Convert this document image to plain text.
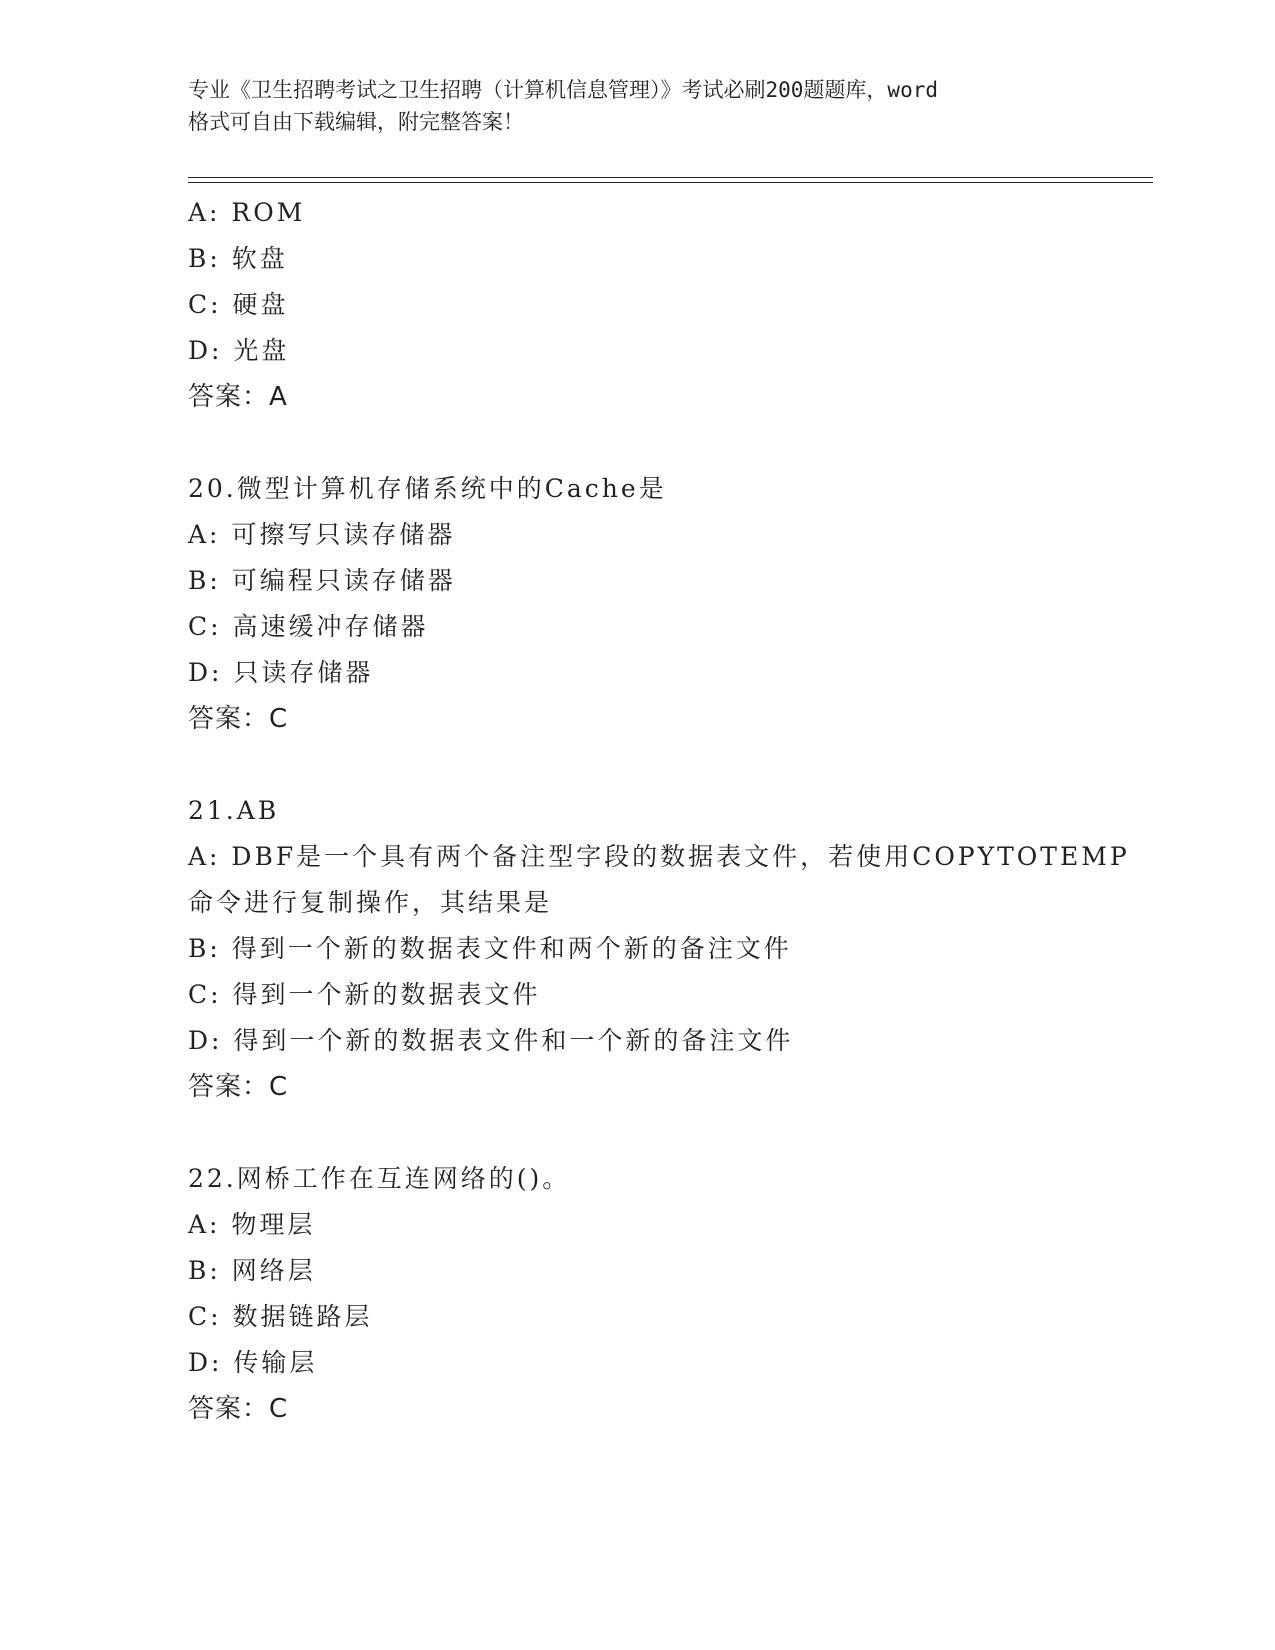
专业《卫生招聘考试之卫生招聘（计算机信息管理）》考试必刷200题题库，word
格式可自由下载编辑，附完整答案！
A: ROM
B: 软盘
C: 硬盘
D: 光盘
答案：A
20.微型计算机存储系统中的Cache是
A: 可擦写只读存储器
B: 可编程只读存储器
C: 高速缓冲存储器
D: 只读存储器
答案：C
21.AB
A: DBF是一个具有两个备注型字段的数据表文件，若使用COPYTOTEMP
命令进行复制操作，其结果是
B: 得到一个新的数据表文件和两个新的备注文件
C: 得到一个新的数据表文件
D: 得到一个新的数据表文件和一个新的备注文件
答案：C
22.网桥工作在互连网络的()。
A: 物理层
B: 网络层
C: 数据链路层
D: 传输层
答案：C
